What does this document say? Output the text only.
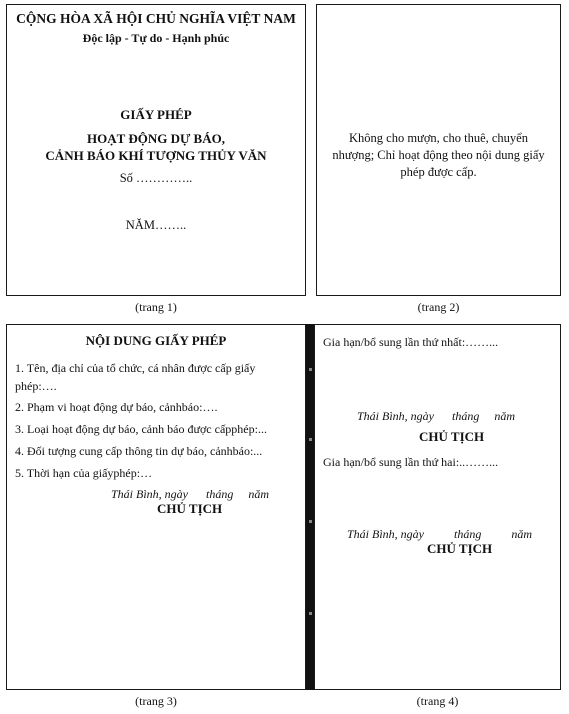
CỘNG HÒA XÃ HỘI CHỦ NGHĨA VIỆT NAM
Độc lập - Tự do - Hạnh phúc
GIẤY PHÉP
HOẠT ĐỘNG DỰ BÁO,
CẢNH BÁO KHÍ TƯỢNG THỦY VĂN
Số …………..
NĂM……..
(trang 1)
Không cho mượn, cho thuê, chuyển
nhượng; Chỉ hoạt động theo nội dung giấy
phép được cấp.
(trang 2)
NỘI DUNG GIẤY PHÉP
1. Tên, địa chỉ của tổ chức, cá nhân được cấp giấy
phép:….
2. Phạm vi hoạt động dự báo, cảnhbáo:….
3. Loại hoạt động dự báo, cảnh báo được cấpphép:...
4. Đối tượng cung cấp thông tin dự báo, cảnhbáo:...
5. Thời hạn của giấyphép:…
Thái Bình, ngày      tháng     năm
CHỦ TỊCH
(trang 3)
Gia hạn/bổ sung lần thứ nhất:……...
Thái Bình, ngày      tháng     năm
CHỦ TỊCH
Gia hạn/bổ sung lần thứ hai:..……...
Thái Bình, ngày          tháng          năm
CHỦ TỊCH
(trang 4)
